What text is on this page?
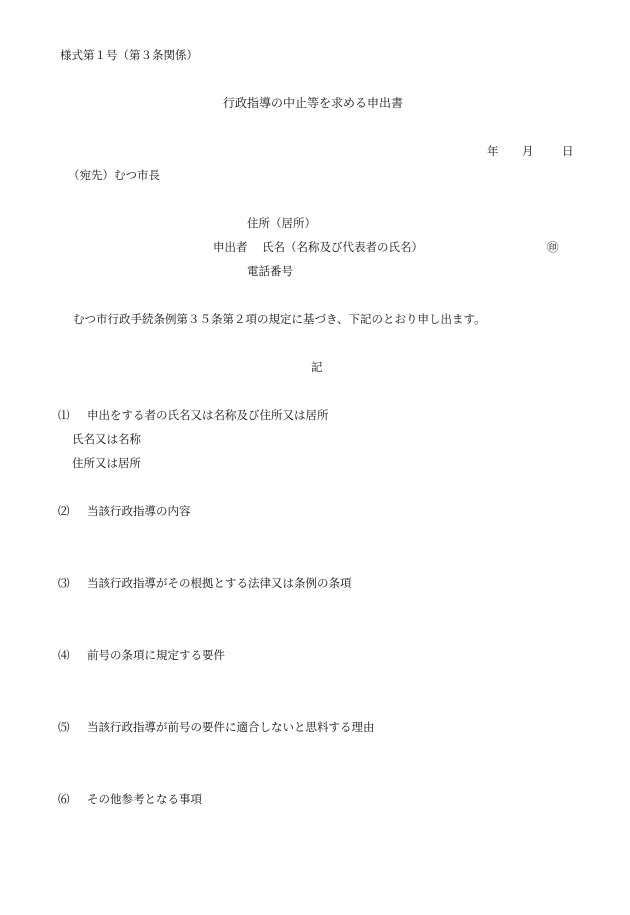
様式第１号（第３条関係）
行政指導の中止等を求める申出書
年 月 日
（宛先）むつ市長
住所（居所）
申出者 氏名（名称及び代表者の氏名）	㊞
電話番号
むつ市行政手続条例第３５条第２項の規定に基づき、下記のとおり申し出ます。
記
⑴ 申出をする者の氏名又は名称及び住所又は居所
氏名又は名称
住所又は居所
⑵ 当該行政指導の内容
⑶ 当該行政指導がその根拠とする法律又は条例の条項
⑷ 前号の条項に規定する要件
⑸ 当該行政指導が前号の要件に適合しないと思料する理由
⑹ その他参考となる事項
